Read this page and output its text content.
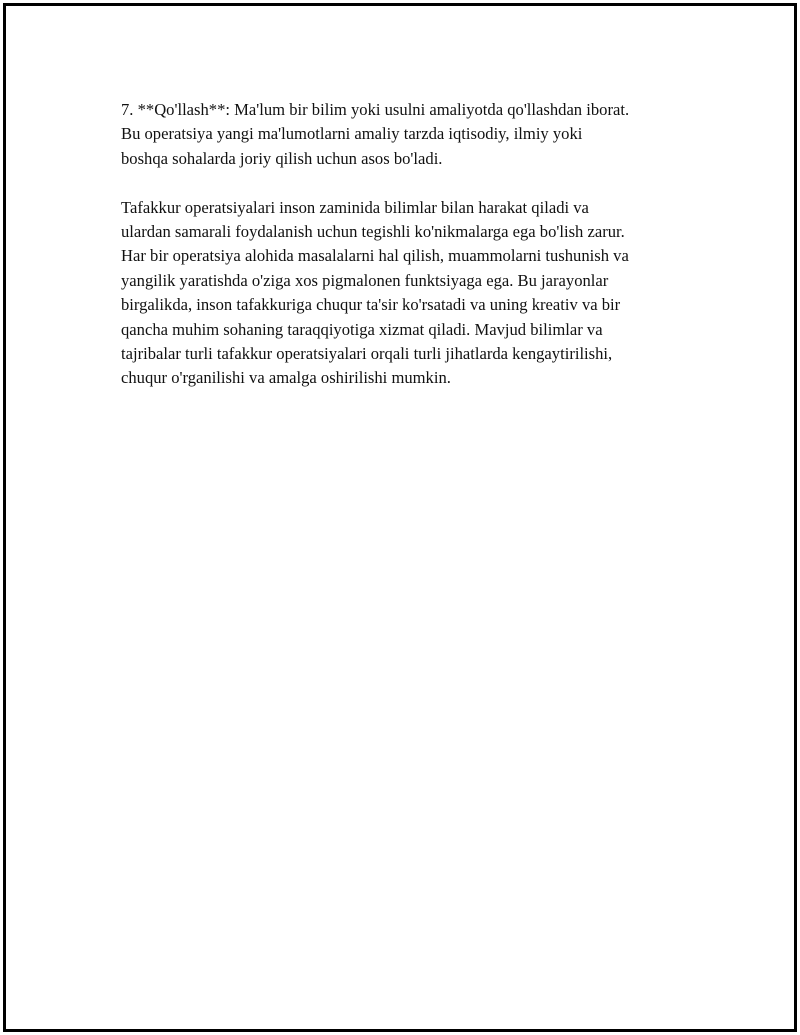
7. **Qo'llash**: Ma'lum bir bilim yoki usulni amaliyotda qo'llashdan iborat.
Bu operatsiya yangi ma'lumotlarni amaliy tarzda iqtisodiy, ilmiy yoki
boshqa sohalarda joriy qilish uchun asos bo'ladi.

Tafakkur operatsiyalari inson zaminida bilimlar bilan harakat qiladi va
ulardan samarali foydalanish uchun tegishli ko'nikmalarga ega bo'lish zarur.
Har bir operatsiya alohida masalalarni hal qilish, muammolarni tushunish va
yangilik yaratishda o'ziga xos pigmalonen funktsiyaga ega. Bu jarayonlar
birgalikda, inson tafakkuriga chuqur ta'sir ko'rsatadi va uning kreativ va bir
qancha muhim sohaning taraqqiyotiga xizmat qiladi. Mavjud bilimlar va
tajribalar turli tafakkur operatsiyalari orqali turli jihatlarda kengaytirilishi,
chuqur o'rganilishi va amalga oshirilishi mumkin.
